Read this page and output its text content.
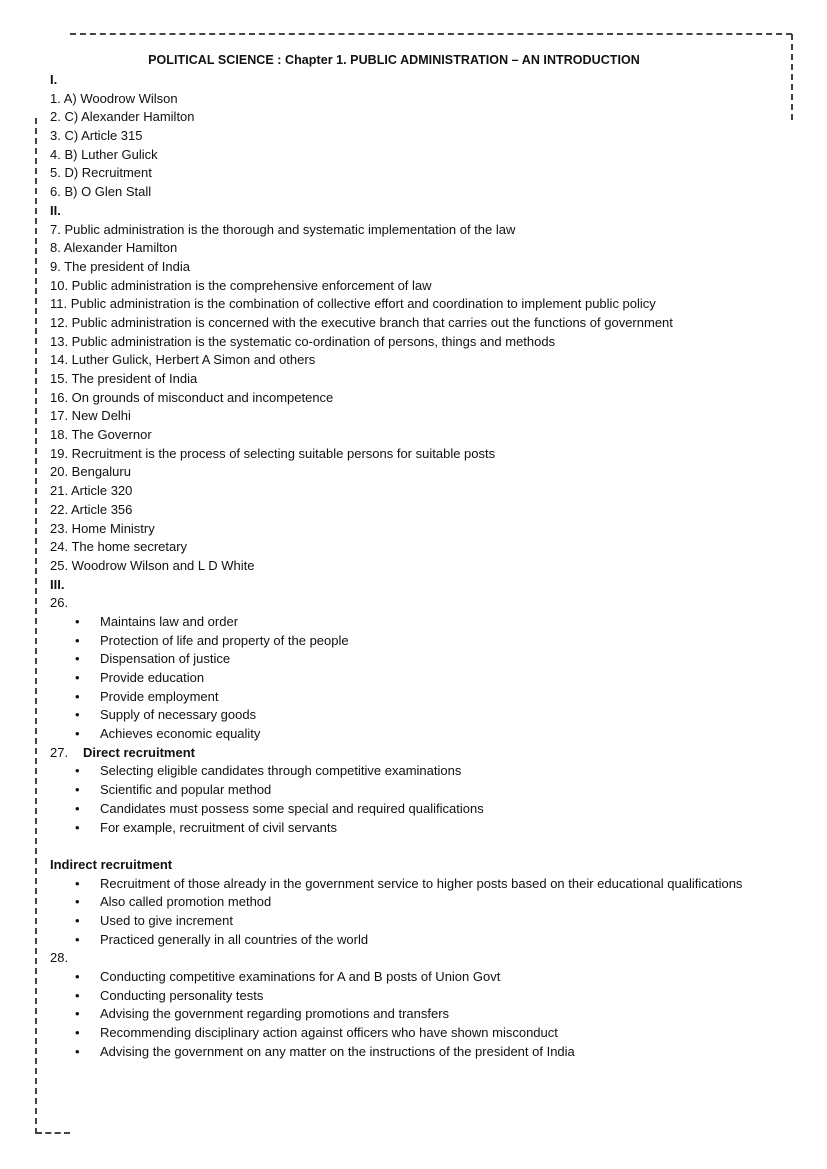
POLITICAL SCIENCE : Chapter 1. PUBLIC ADMINISTRATION – AN INTRODUCTION
I.
1. A) Woodrow Wilson
2. C) Alexander Hamilton
3. C) Article 315
4. B) Luther Gulick
5. D) Recruitment
6. B) O Glen Stall
II.
7. Public administration is the thorough and systematic implementation of the law
8. Alexander Hamilton
9. The president of India
10. Public administration is the comprehensive enforcement of law
11. Public administration is the combination of collective effort and coordination to implement public policy
12. Public administration is concerned with the executive branch that carries out the functions of government
13. Public administration is the systematic co-ordination of persons, things and methods
14. Luther Gulick, Herbert A Simon and others
15. The president of India
16. On grounds of misconduct and incompetence
17. New Delhi
18. The Governor
19. Recruitment is the process of selecting suitable persons for suitable posts
20. Bengaluru
21. Article 320
22. Article 356
23. Home Ministry
24. The home secretary
25. Woodrow Wilson and L D White
III.
26.
• Maintains law and order
• Protection of life and property of the people
• Dispensation of justice
• Provide education
• Provide employment
• Supply of necessary goods
• Achieves economic equality
27. Direct recruitment
• Selecting eligible candidates through competitive examinations
• Scientific and popular method
• Candidates must possess some special and required qualifications
• For example, recruitment of civil servants
Indirect recruitment
• Recruitment of those already in the government service to higher posts based on their educational qualifications
• Also called promotion method
• Used to give increment
• Practiced generally in all countries of the world
28.
• Conducting competitive examinations for A and B posts of Union Govt
• Conducting personality tests
• Advising the government regarding promotions and transfers
• Recommending disciplinary action against officers who have shown misconduct
• Advising the government on any matter on the instructions of the president of India
